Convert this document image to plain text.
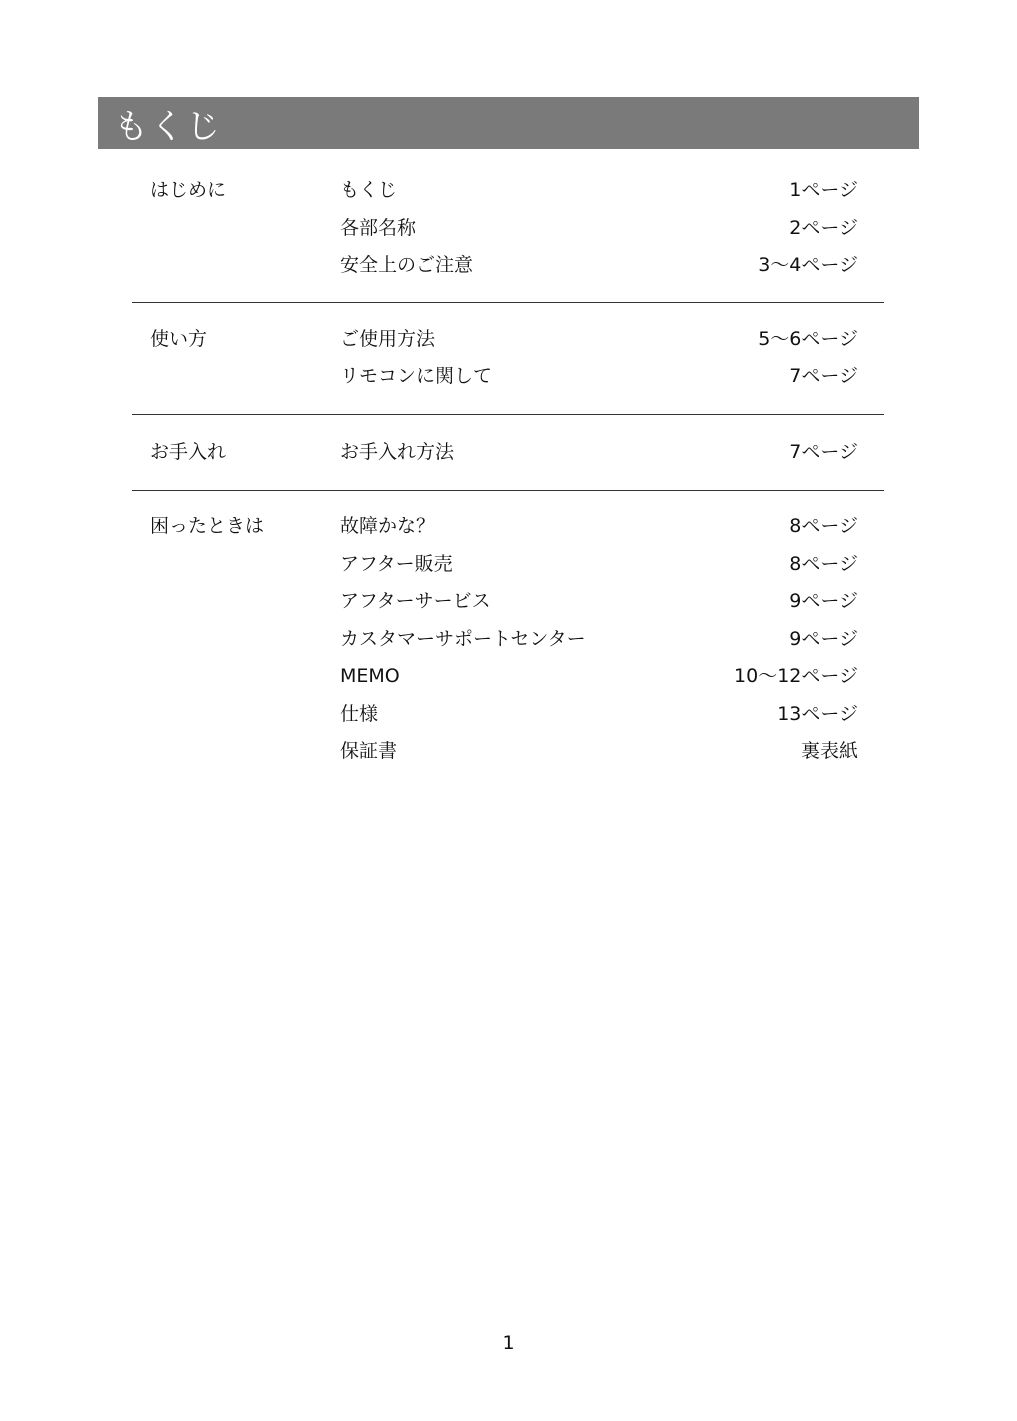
もくじ
はじめに	もくじ	1ページ
各部名称	2ページ
安全上のご注意	3～4ページ
使い方	ご使用方法	5～6ページ
リモコンに関して	7ページ
お手入れ	お手入れ方法	7ページ
困ったときは	故障かな？	8ページ
アフター販売	8ページ
アフターサービス	9ページ
カスタマーサポートセンター	9ページ
MEMO	10～12ページ
仕様	13ページ
保証書	裏表紙
1
